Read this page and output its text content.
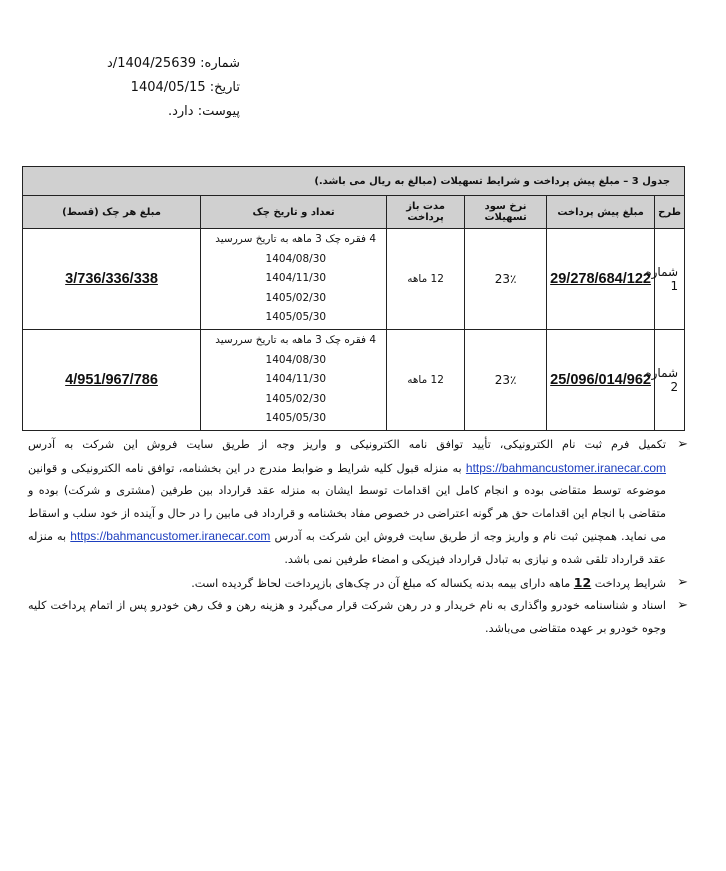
شماره: 1404/25639/د
تاریخ: 1404/05/15
پیوست: دارد.
جدول 3 – مبلغ پیش پرداخت و شرایط تسهیلات (مبالغ به ریال می باشد.)					
طرح	مبلغ پیش پرداخت	نرخ سود تسهیلات	مدت باز پرداخت	تعداد و تاریخ چک	مبلغ هر چک (قسط)
شماره 1	29/278/684/122	23٪	12 ماهه	4 فقره چک 3 ماهه به تاریخ سررسید
1404/08/30
1404/11/30
1405/02/30
1405/05/30	3/736/336/338
شماره 2	25/096/014/962	23٪	12 ماهه	4 فقره چک 3 ماهه به تاریخ سررسید
1404/08/30
1404/11/30
1405/02/30
1405/05/30	4/951/967/786
➢
تکمیل فرم ثبت نام الکترونیکی، تأیید توافق نامه الکترونیکی و واریز وجه از طریق سایت فروش این شرکت به آدرس https://bahmancustomer.iranecar.com به منزله قبول کلیه شرایط و ضوابط مندرج در این بخشنامه، توافق نامه الکترونیکی و قوانین موضوعه توسط متقاضی بوده و انجام کامل این اقدامات توسط ایشان به منزله عقد قرارداد بین طرفین (مشتری و شرکت) بوده و متقاضی با انجام این اقدامات حق هر گونه اعتراضی در خصوص مفاد بخشنامه و قرارداد فی مابین را در حال و آینده از خود سلب و اسقاط می نماید. همچنین ثبت نام و واریز وجه از طریق سایت فروش این شرکت به آدرس https://bahmancustomer.iranecar.com به منزله عقد قرارداد تلقی شده و نیازی به تبادل قرارداد فیزیکی و امضاء طرفین نمی باشد.
➢
شرایط پرداخت 12 ماهه دارای بیمه بدنه یکساله که مبلغ آن در چک‌های بازپرداخت لحاظ گردیده است.
➢
اسناد و شناسنامه خودرو واگذاری به نام خریدار و در رهن شرکت قرار می‌گیرد و هزینه رهن و فک رهن خودرو پس از اتمام پرداخت کلیه وجوه خودرو بر عهده متقاضی می‌باشد.
